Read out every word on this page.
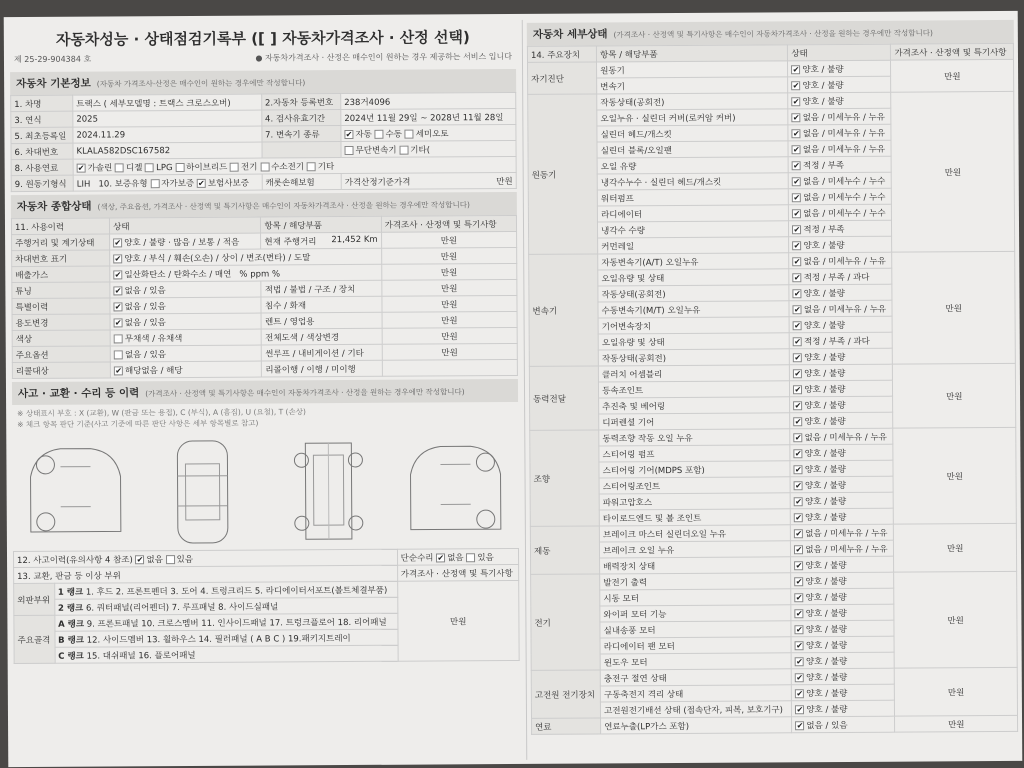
자동차성능 · 상태점검기록부 ([ ] 자동차가격조사 · 산정 선택)
제 25-29-904384 호	● 자동차가격조사 · 산정은 매수인이 원하는 경우 제공하는 서비스 입니다
자동차 기본정보 (자동차 가격조사·산정은 매수인이 원하는 경우에만 작성합니다)
1. 차명	트랙스 ( 세부모델명 : 트랙스 크로스오버)	2.자동차 등록번호	238거4096
3. 연식	2025	4. 검사유효기간	2024년 11월 29일 ~ 2028년 11월 28일
5. 최초등록일	2024.11.29	7. 변속기 종류	✔자동 수동 세미오토
6. 차대번호	KLALA582DSC167582		무단변속기 기타(
8. 사용연료	✔가솔린 디젤 LPG 하이브리드 전기 수소전기 기타
9. 원동기형식	LIH 10. 보증유형 자가보증 ✔ 보험사보증	캐롯손해보험	가격산정기준가격 만원
자동차 종합상태 (색상, 주요옵션, 가격조사 · 산정액 및 특기사항은 매수인이 자동차가격조사 · 산정을 원하는 경우에만 작성합니다)
11. 사용이력	상태	항목 / 해당부품	가격조사 · 산정액 및 특기사항
주행거리 및 계기상태	✔양호 / 불량 · 많음 / 보통 / 적음	현재 주행거리 21,452 Km	만원
차대번호 표기	✔양호 / 부식 / 훼손(오손) / 상이 / 변조(변타) / 도말		만원
배출가스	✔일산화탄소 / 탄화수소 / 매연 % ppm %		만원
튜닝	✔없음 / 있음	적법 / 불법 / 구조 / 장치	만원
특별이력	✔없음 / 있음	침수 / 화재	만원
용도변경	✔없음 / 있음	렌트 / 영업용	만원
색상	무채색 / 유채색	전체도색 / 색상변경	만원
주요옵션	없음 / 있음	썬루프 / 내비게이션 / 기타	만원
리콜대상	✔해당없음 / 해당	리콜이행 / 이행 / 미이행	
사고 · 교환 · 수리 등 이력 (가격조사 · 산정액 및 특기사항은 매수인이 자동차가격조사 · 산정을 원하는 경우에만 작성합니다)
※ 상태표시 부호 : X (교환), W (판금 또는 용접), C (부식), A (흠집), U (요철), T (손상)
※ 체크 항목 판단 기준(사고 기준에 따른 판단 사항은 세부 항목별로 참고)
12. 사고이력(유의사항 4 참조) ✔ 없음 있음		단순수리 ✔ 없음 있음
13. 교환, 판금 등 이상 부위		가격조사 · 산정액 및 특기사항
외판부위	1 랭크 1. 후드 2. 프론트펜더 3. 도어 4. 트렁크리드 5. 라디에이터서포트(볼트체결부품)	만원
	2 랭크 6. 쿼터패널(리어펜더) 7. 루프패널 8. 사이드실패널	
주요골격	A 랭크 9. 프론트패널 10. 크로스멤버 11. 인사이드패널 17. 트렁크플로어 18. 리어패널	
	B 랭크 12. 사이드멤버 13. 휠하우스 14. 필러패널 ( A B C ) 19.패키지트레이	
	C 랭크 15. 대쉬패널 16. 플로어패널	
자동차 세부상태 (가격조사 · 산정액 및 특기사항은 매수인이 자동차가격조사 · 산정을 원하는 경우에만 작성합니다)
14. 주요장치	항목 / 해당부품	상태	가격조사 · 산정액 및 특기사항
자기진단	원동기	✔양호 / 불량	만원
	변속기	✔양호 / 불량
원동기	작동상태(공회전)	✔양호 / 불량	만원
	오일누유 · 실린더 커버(로커암 커버)	✔없음 / 미세누유 / 누유
	실린더 헤드/개스킷	✔없음 / 미세누유 / 누유
	실린더 블록/오일팬	✔없음 / 미세누유 / 누유
	오일 유량	✔적정 / 부족
	냉각수누수 · 실린더 헤드/개스킷	✔없음 / 미세누수 / 누수
	워터펌프	✔없음 / 미세누수 / 누수
	라디에이터	✔없음 / 미세누수 / 누수
	냉각수 수량	✔적정 / 부족
	커먼레일	✔양호 / 불량
변속기	자동변속기(A/T) 오일누유	✔없음 / 미세누유 / 누유	만원
	오일유량 및 상태	✔적정 / 부족 / 과다
	작동상태(공회전)	✔양호 / 불량
	수동변속기(M/T) 오일누유	✔없음 / 미세누유 / 누유
	기어변속장치	✔양호 / 불량
	오일유량 및 상태	✔적정 / 부족 / 과다
	작동상태(공회전)	✔양호 / 불량
동력전달	클러치 어셈블리	✔양호 / 불량	만원
	등속조인트	✔양호 / 불량
	추진축 및 베어링	✔양호 / 불량
	디퍼렌셜 기어	✔양호 / 불량
조향	동력조향 작동 오일 누유	✔없음 / 미세누유 / 누유	만원
	스티어링 펌프	✔양호 / 불량
	스티어링 기어(MDPS 포함)	✔양호 / 불량
	스티어링조인트	✔양호 / 불량
	파워고압호스	✔양호 / 불량
	타이로드엔드 및 볼 조인트	✔양호 / 불량
제동	브레이크 마스터 실린더오일 누유	✔없음 / 미세누유 / 누유	만원
	브레이크 오일 누유	✔없음 / 미세누유 / 누유
	배력장치 상태	✔양호 / 불량
전기	발전기 출력	✔양호 / 불량	만원
	시동 모터	✔양호 / 불량
	와이퍼 모터 기능	✔양호 / 불량
	실내송풍 모터	✔양호 / 불량
	라디에이터 팬 모터	✔양호 / 불량
	윈도우 모터	✔양호 / 불량
고전원 전기장치	충전구 절연 상태	✔양호 / 불량	만원
	구동축전지 격리 상태	✔양호 / 불량
	고전원전기배선 상태 (접속단자, 피복, 보호기구)	✔양호 / 불량
연료	연료누출(LP가스 포함)	✔없음 / 있음	만원
